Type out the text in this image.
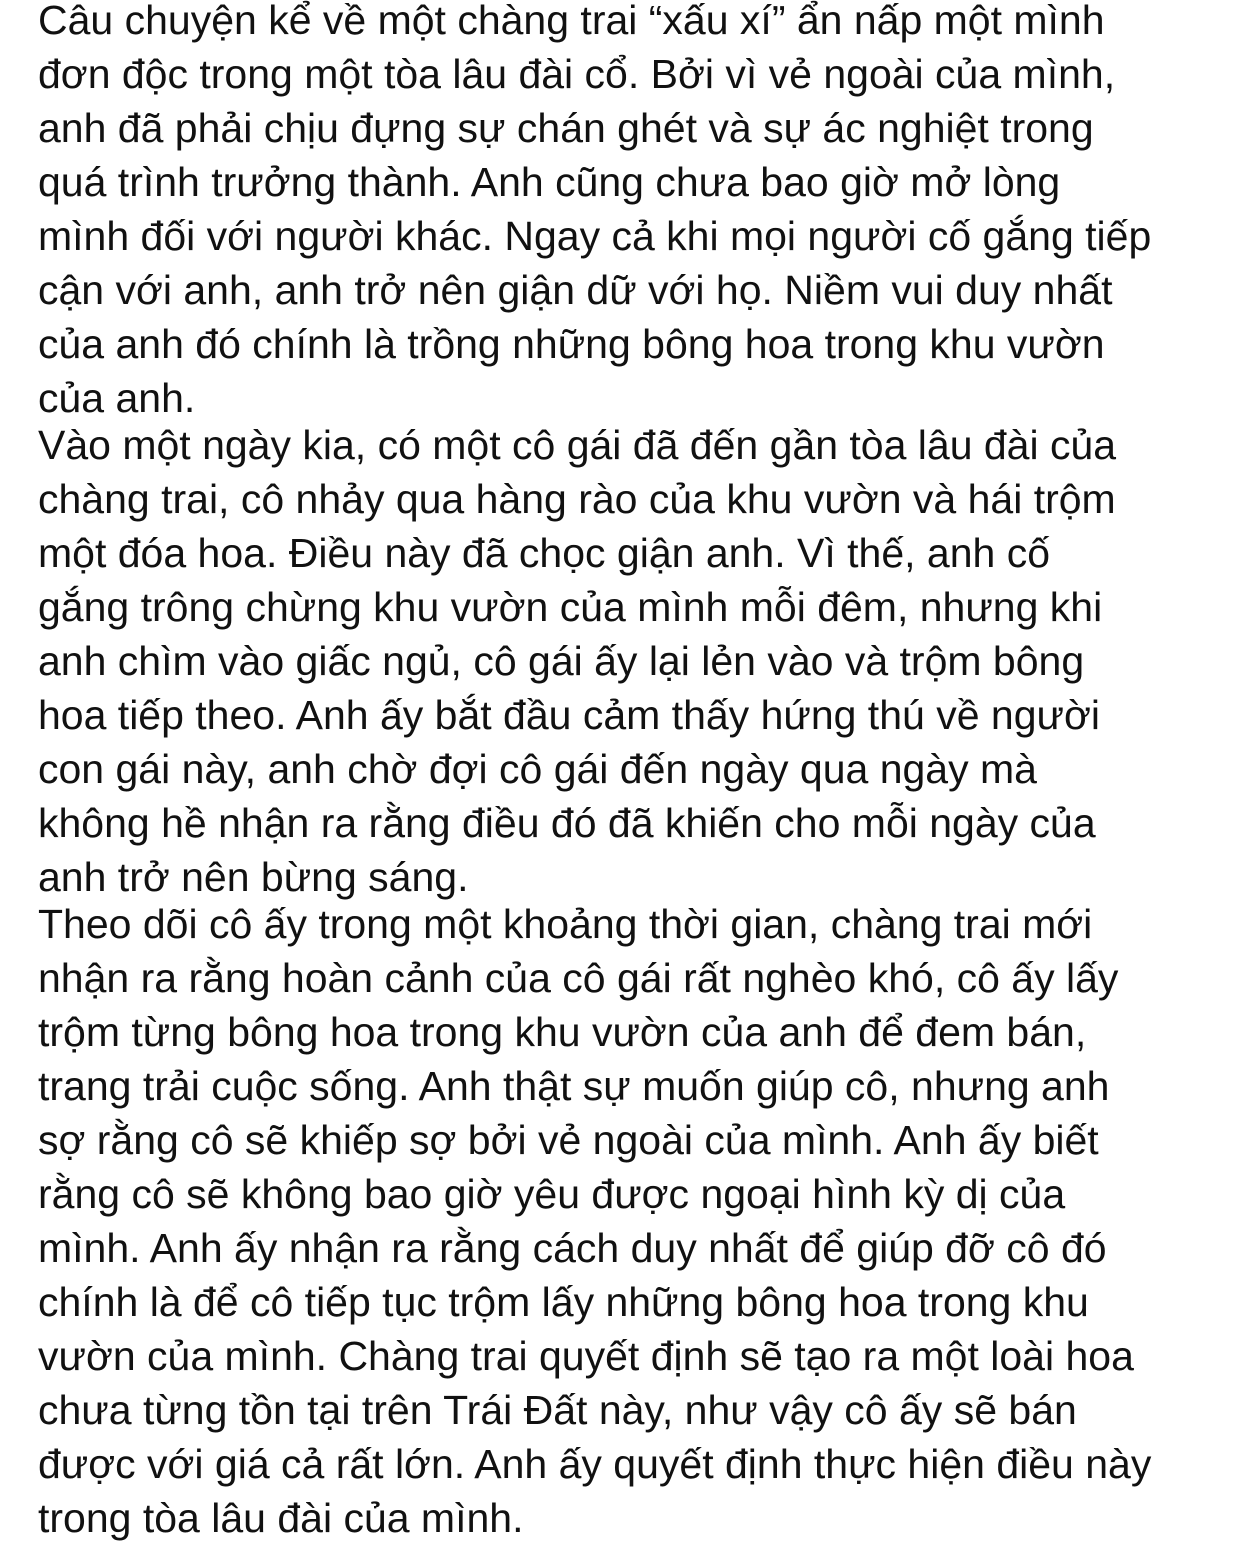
Câu chuyện kể về một chàng trai “xấu xí” ẩn nấp một mình
đơn độc trong một tòa lâu đài cổ. Bởi vì vẻ ngoài của mình,
anh đã phải chịu đựng sự chán ghét và sự ác nghiệt trong
quá trình trưởng thành. Anh cũng chưa bao giờ mở lòng
mình đối với người khác. Ngay cả khi mọi người cố gắng tiếp
cận với anh, anh trở nên giận dữ với họ. Niềm vui duy nhất
của anh đó chính là trồng những bông hoa trong khu vườn
của anh.
Vào một ngày kia, có một cô gái đã đến gần tòa lâu đài của
chàng trai, cô nhảy qua hàng rào của khu vườn và hái trộm
một đóa hoa. Điều này đã chọc giận anh. Vì thế, anh cố
gắng trông chừng khu vườn của mình mỗi đêm, nhưng khi
anh chìm vào giấc ngủ, cô gái ấy lại lẻn vào và trộm bông
hoa tiếp theo. Anh ấy bắt đầu cảm thấy hứng thú về người
con gái này, anh chờ đợi cô gái đến ngày qua ngày mà
không hề nhận ra rằng điều đó đã khiến cho mỗi ngày của
anh trở nên bừng sáng.
Theo dõi cô ấy trong một khoảng thời gian, chàng trai mới
nhận ra rằng hoàn cảnh của cô gái rất nghèo khó, cô ấy lấy
trộm từng bông hoa trong khu vườn của anh để đem bán,
trang trải cuộc sống. Anh thật sự muốn giúp cô, nhưng anh
sợ rằng cô sẽ khiếp sợ bởi vẻ ngoài của mình. Anh ấy biết
rằng cô sẽ không bao giờ yêu được ngoại hình kỳ dị của
mình. Anh ấy nhận ra rằng cách duy nhất để giúp đỡ cô đó
chính là để cô tiếp tục trộm lấy những bông hoa trong khu
vườn của mình. Chàng trai quyết định sẽ tạo ra một loài hoa
chưa từng tồn tại trên Trái Đất này, như vậy cô ấy sẽ bán
được với giá cả rất lớn. Anh ấy quyết định thực hiện điều này
trong tòa lâu đài của mình.
